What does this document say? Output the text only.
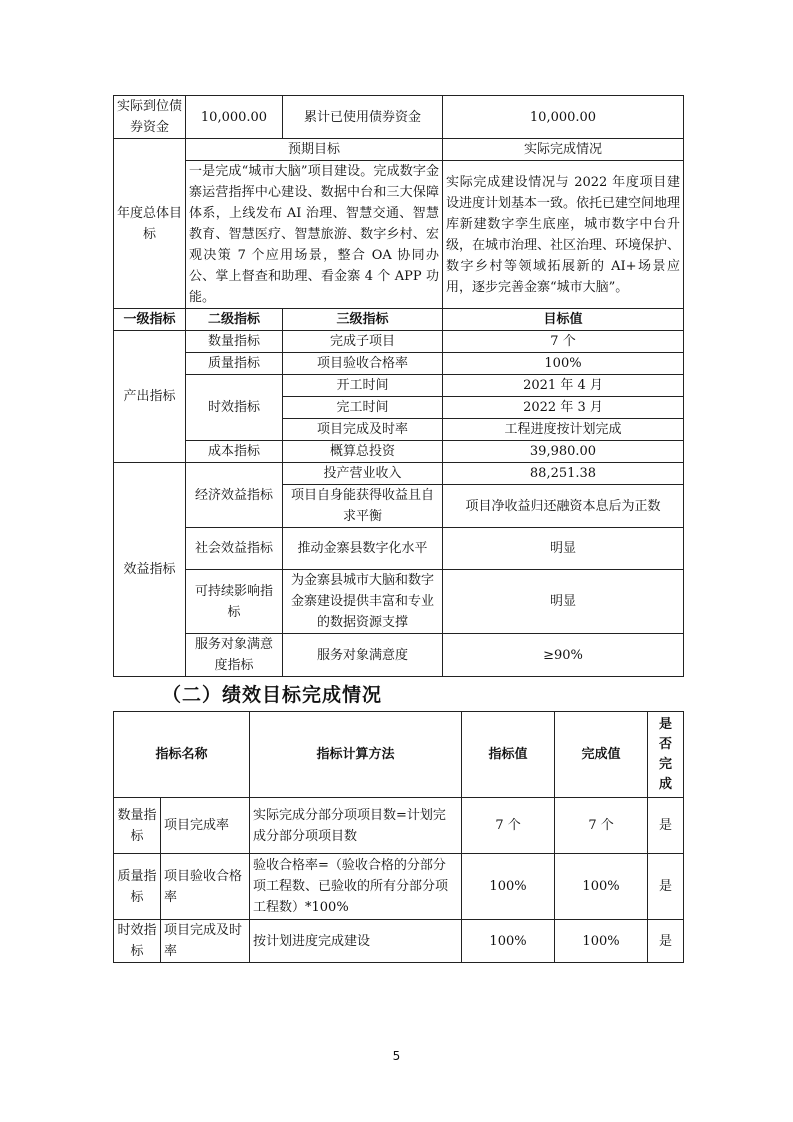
实际到位债券资金	10,000.00	累计已使用债券资金	10,000.00
年度总体目标	预期目标		实际完成情况
	一是完成“城市大脑”项目建设。完成数字金寨运营指挥中心建设、数据中台和三大保障体系，上线发布 AI 治理、智慧交通、智慧教育、智慧医疗、智慧旅游、数字乡村、宏观决策 7 个应用场景，整合 OA 协同办公、掌上督查和助理、看金寨 4 个 APP 功能。		实际完成建设情况与 2022 年度项目建设进度计划基本一致。依托已建空间地理库新建数字孪生底座，城市数字中台升级，在城市治理、社区治理、环境保护、数字乡村等领域拓展新的 AI+场景应用，逐步完善金寨“城市大脑”。
一级指标	二级指标	三级指标	目标值
产出指标	数量指标	完成子项目	7 个
	质量指标	项目验收合格率	100%
	时效指标	开工时间	2021 年 4 月
		完工时间	2022 年 3 月
		项目完成及时率	工程进度按计划完成
	成本指标	概算总投资	39,980.00
效益指标	经济效益指标	投产营业收入	88,251.38
		项目自身能获得收益且自求平衡	项目净收益归还融资本息后为正数
	社会效益指标	推动金寨县数字化水平	明显
	可持续影响指标	为金寨县城市大脑和数字金寨建设提供丰富和专业的数据资源支撑	明显
	服务对象满意度指标	服务对象满意度	≥90%
（二）绩效目标完成情况
指标名称		指标计算方法	指标值	完成值	是否完成

数量指标	项目完成率	实际完成分部分项项目数=计划完成分部分项项目数	7 个	7 个	是
质量指标	项目验收合格率	验收合格率=（验收合格的分部分项工程数、已验收的所有分部分项工程数）*100%	100%	100%	是
时效指标	项目完成及时率	按计划进度完成建设	100%	100%	是
5
